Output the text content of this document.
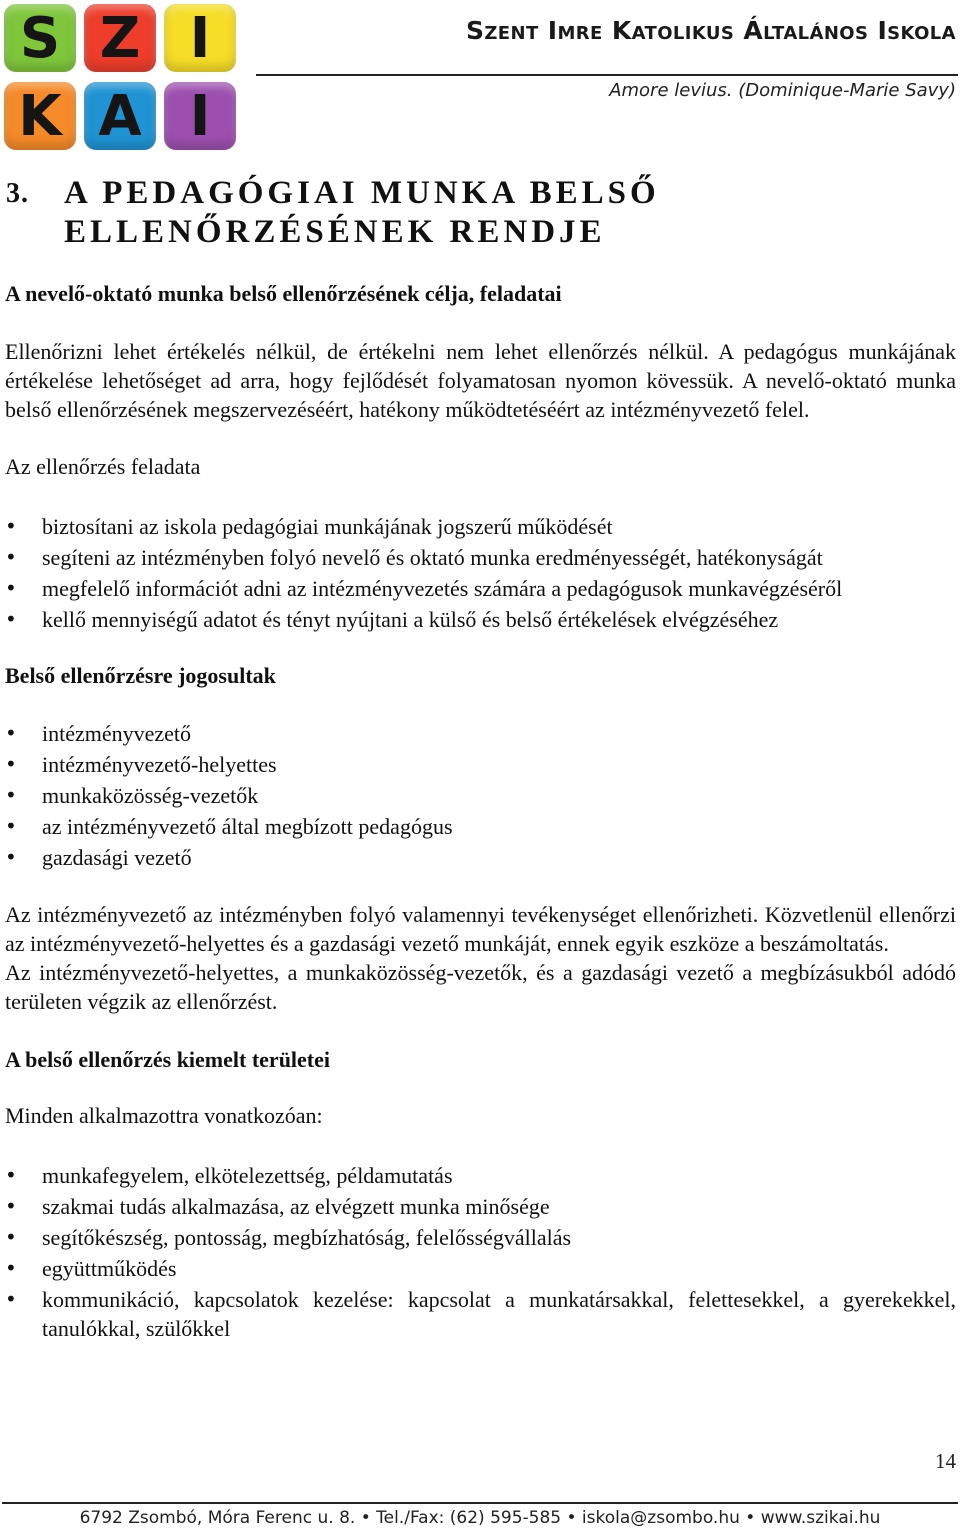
S Z I
K A I
Szent Imre Katolikus Általános Iskola
Amore levius. (Dominique-Marie Savy)
3. A PEDAGÓGIAI MUNKA BELSŐ ELLENŐRZÉSÉNEK RENDJE
A nevelő-oktató munka belső ellenőrzésének célja, feladatai

Ellenőrizni lehet értékelés nélkül, de értékelni nem lehet ellenőrzés nélkül. A pedagógus munkájának értékelése lehetőséget ad arra, hogy fejlődését folyamatosan nyomon kövessük. A nevelő-oktató munka belső ellenőrzésének megszervezéséért, hatékony működtetéséért az intézményvezető felel.

Az ellenőrzés feladata

• biztosítani az iskola pedagógiai munkájának jogszerű működését
• segíteni az intézményben folyó nevelő és oktató munka eredményességét, hatékonyságát
• megfelelő információt adni az intézményvezetés számára a pedagógusok munkavégzéséről
• kellő mennyiségű adatot és tényt nyújtani a külső és belső értékelések elvégzéséhez
Belső ellenőrzésre jogosultak
• intézményvezető
• intézményvezető-helyettes
• munkaközösség-vezetők
• az intézményvezető által megbízott pedagógus
• gazdasági vezető

Az intézményvezető az intézményben folyó valamennyi tevékenységet ellenőrizheti. Közvetlenül ellenőrzi az intézményvezető-helyettes és a gazdasági vezető munkáját, ennek egyik eszköze a beszámoltatás.

Az intézményvezető-helyettes, a munkaközösség-vezetők, és a gazdasági vezető a megbízásukból adódó területen végzik az ellenőrzést.

A belső ellenőrzés kiemelt területei

Minden alkalmazottra vonatkozóan:

• munkafegyelem, elkötelezettség, példamutatás
• szakmai tudás alkalmazása, az elvégzett munka minősége
• segítőkészség, pontosság, megbízhatóság, felelősségvállalás
• együttműködés
• kommunikáció, kapcsolatok kezelése: kapcsolat a munkatársakkal, felettesekkel, a gyerekekkel, tanulókkal, szülőkkel
14
6792 Zsombó, Móra Ferenc u. 8. • Tel./Fax: (62) 595-585 • iskola@zsombo.hu • www.szikai.hu
